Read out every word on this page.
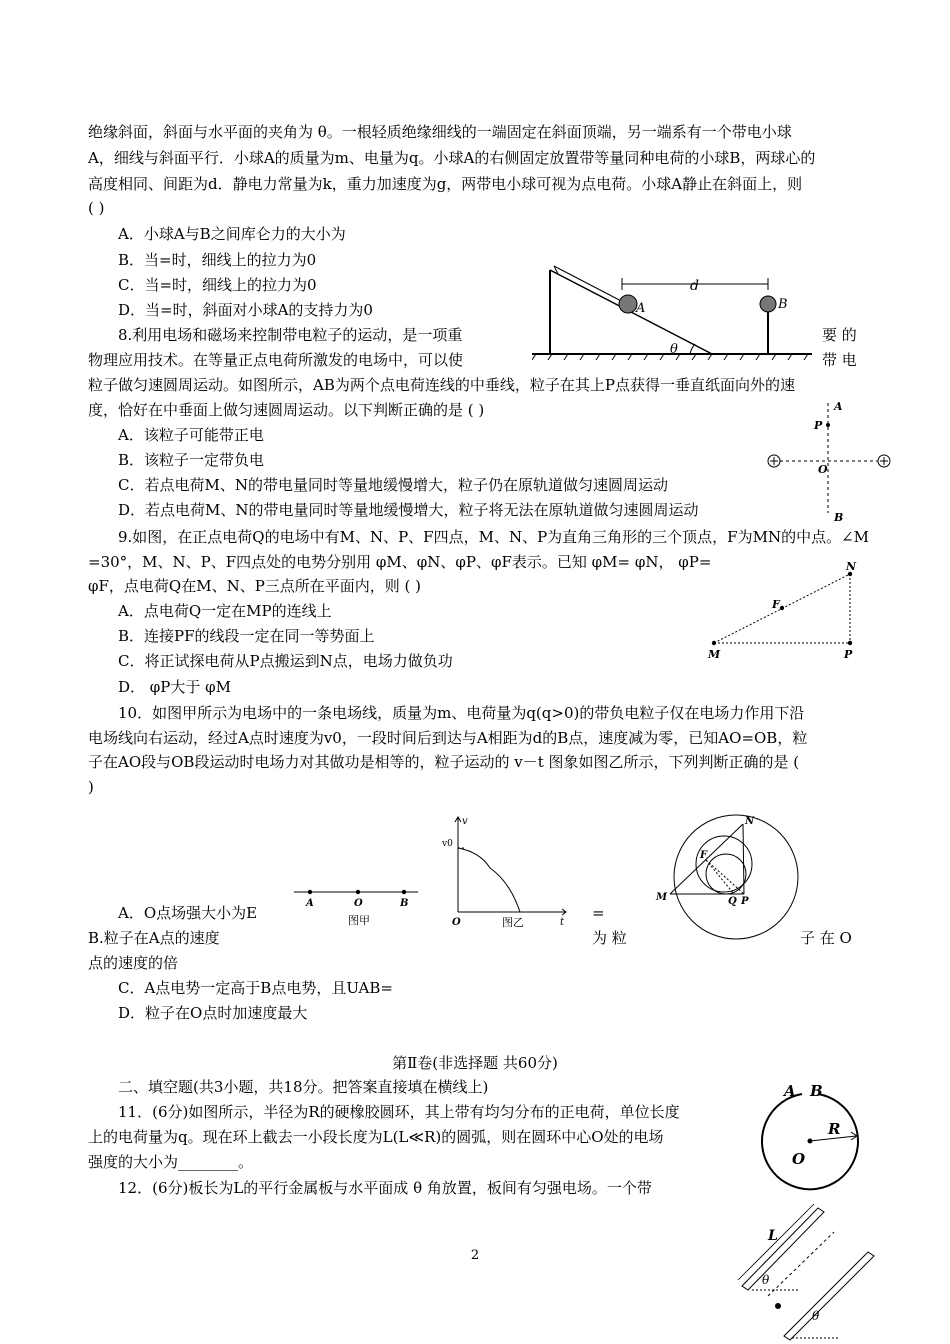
绝缘斜面，斜面与水平面的夹角为 θ。一根轻质绝缘细线的一端固定在斜面顶端，另一端系有一个带电小球
A，细线与斜面平行．小球A的质量为m、电量为q。小球A的右侧固定放置带等量同种电荷的小球B，两球心的
高度相同、间距为d．静电力常量为k，重力加速度为g，两带电小球可视为点电荷。小球A静止在斜面上，则
( )
A．小球A与B之间库仑力的大小为
B．当=时，细线上的拉力为0
C．当=时，细线上的拉力为0
D．当=时，斜面对小球A的支持力为0
d
A	B
θ
8.利用电场和磁场来控制带电粒子的运动，是一项重	要 的
物理应用技术。在等量正点电荷所激发的电场中，可以使	带 电
粒子做匀速圆周运动。如图所示，AB为两个点电荷连线的中垂线，粒子在其上P点获得一垂直纸面向外的速
度，恰好在中垂面上做匀速圆周运动。以下判断正确的是 ( )
A．该粒子可能带正电
B．该粒子一定带负电
C．若点电荷M、N的带电量同时等量地缓慢增大，粒子仍在原轨道做匀速圆周运动
D．若点电荷M、N的带电量同时等量地缓慢增大，粒子将无法在原轨道做匀速圆周运动
A
P
O
B
9.如图，在正点电荷Q的电场中有M、N、P、F四点，M、N、P为直角三角形的三个顶点，F为MN的中点。∠M
=30°，M、N、P、F四点处的电势分别用 φM、φN、φP、φF表示。已知 φM= φN， φP=
φF，点电荷Q在M、N、P三点所在平面内，则 ( )
A．点电荷Q一定在MP的连线上
B．连接PF的线段一定在同一等势面上
C．将正试探电荷从P点搬运到N点，电场力做负功
D． φP大于 φM
N
F
M	P
10．如图甲所示为电场中的一条电场线，质量为m、电荷量为q(q>0)的带负电粒子仅在电场力作用下沿
电场线向右运动，经过A点时速度为v0，一段时间后到达与A相距为d的B点，速度减为零，已知AO=OB，粒
子在AO段与OB段运动时电场力对其做功是相等的，粒子运动的 v－t 图象如图乙所示，下列判断正确的是 (
)
A	O	B
图甲
v
v0
O	t
图乙
N
F
M	Q P
A．O点场强大小为E	=
B.粒子在A点的速度	为 粒	子 在 O
点的速度的倍
C．A点电势一定高于B点电势，且UAB=
D．粒子在O点时加速度最大
第Ⅱ卷(非选择题 共60分)
二、填空题(共3小题，共18分。把答案直接填在横线上)
11．(6分)如图所示，半径为R的硬橡胶圆环，其上带有均匀分布的正电荷，单位长度
上的电荷量为q。现在环上截去一小段长度为L(L≪R)的圆弧，则在圆环中心O处的电场
强度的大小为________。
12．(6分)板长为L的平行金属板与水平面成 θ 角放置，板间有匀强电场。一个带
A B
R
O
L
θ
θ
2
